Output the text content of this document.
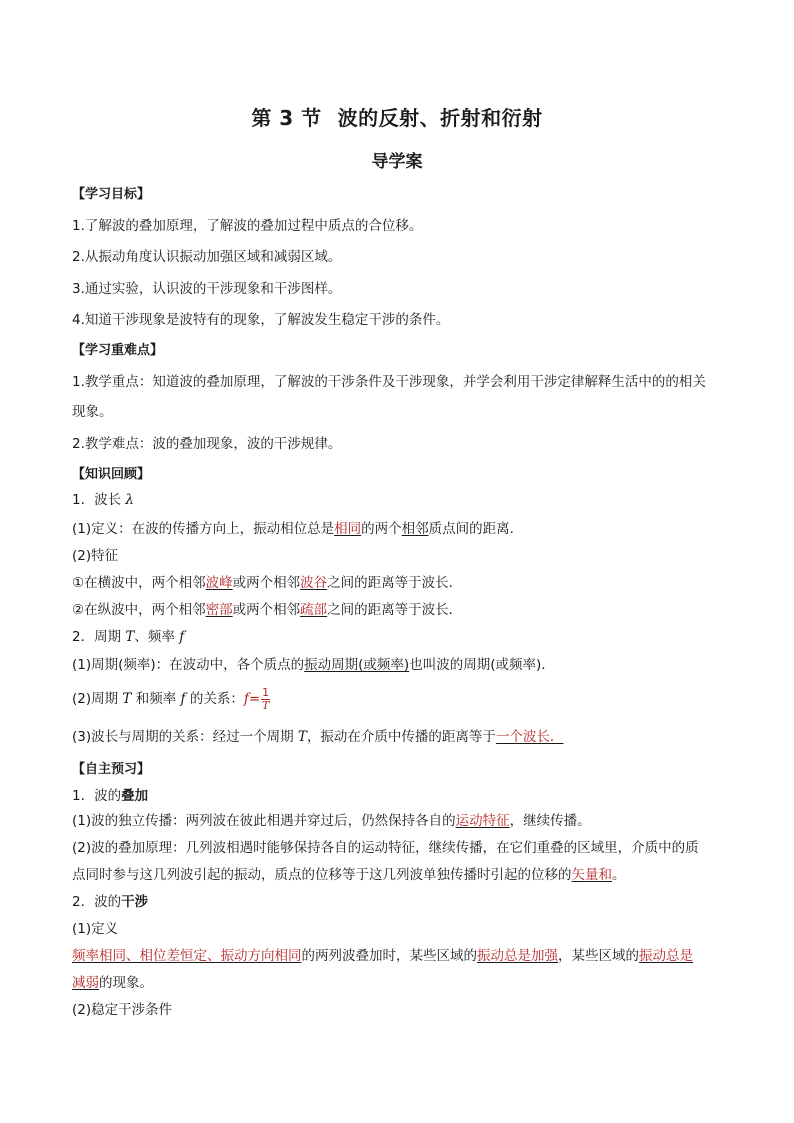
第 3 节 波的反射、折射和衍射
导学案
【学习目标】
1.了解波的叠加原理，了解波的叠加过程中质点的合位移。
2.从振动角度认识振动加强区域和减弱区域。
3.通过实验，认识波的干涉现象和干涉图样。
4.知道干涉现象是波特有的现象，了解波发生稳定干涉的条件。
【学习重难点】
1.教学重点：知道波的叠加原理，了解波的干涉条件及干涉现象，并学会利用干涉定律解释生活中的的相关
现象。
2.教学难点：波的叠加现象，波的干涉规律。
【知识回顾】
1．波长 λ
(1)定义：在波的传播方向上，振动相位总是相同的两个相邻质点间的距离．
(2)特征
①在横波中，两个相邻波峰或两个相邻波谷之间的距离等于波长．
②在纵波中，两个相邻密部或两个相邻疏部之间的距离等于波长．
2．周期 T、频率 f
(1)周期(频率)：在波动中，各个质点的振动周期(或频率)也叫波的周期(或频率)．
(2)周期 T 和频率 f 的关系：$f= \frac{1}{T}$
(3)波长与周期的关系：经过一个周期 T，振动在介质中传播的距离等于一个波长．
【自主预习】
1．波的叠加
(1)波的独立传播：两列波在彼此相遇并穿过后，仍然保持各自的运动特征，继续传播。
(2)波的叠加原理：几列波相遇时能够保持各自的运动特征，继续传播，在它们重叠的区域里，介质中的质
点同时参与这几列波引起的振动，质点的位移等于这几列波单独传播时引起的位移的矢量和。
2．波的干涉
(1)定义
频率相同、相位差恒定、振动方向相同的两列波叠加时，某些区域的振动总是加强，某些区域的振动总是
减弱的现象。
(2)稳定干涉条件
